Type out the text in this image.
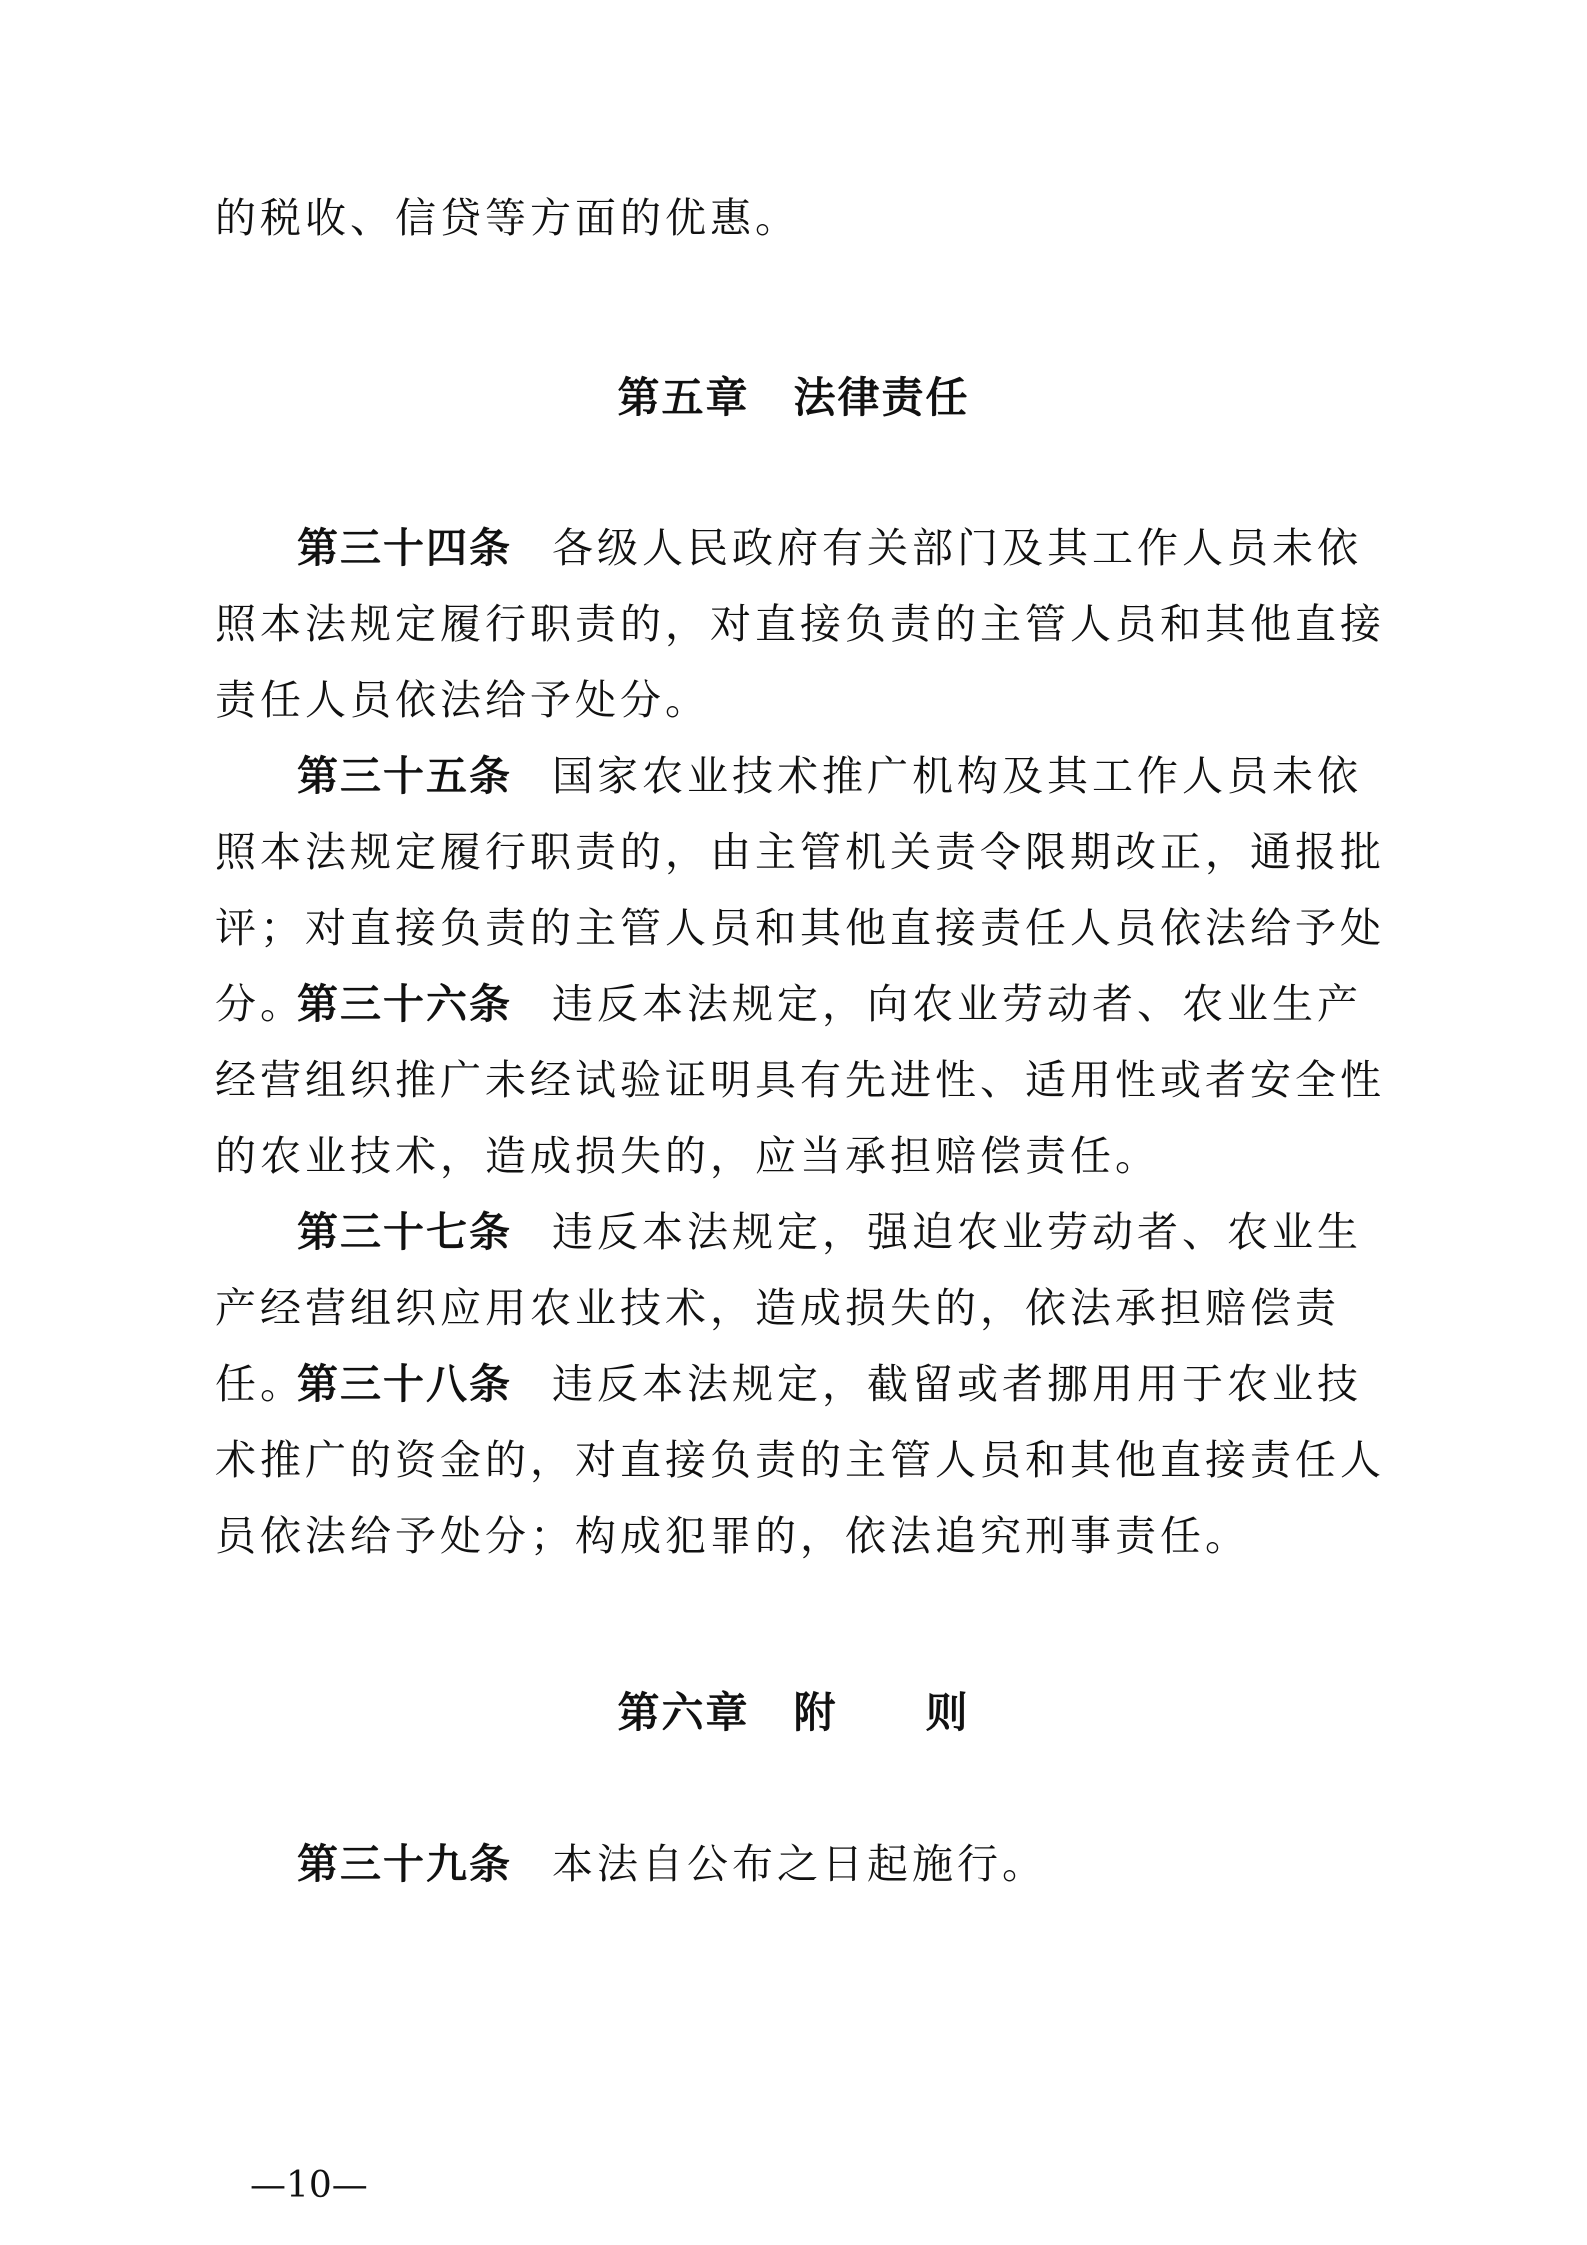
的税收、信贷等方面的优惠。
第五章　法律责任
第三十四条 各级人民政府有关部门及其工作人员未依照本法规定履行职责的，对直接负责的主管人员和其他直接责任人员依法给予处分。
第三十五条 国家农业技术推广机构及其工作人员未依照本法规定履行职责的，由主管机关责令限期改正，通报批评；对直接负责的主管人员和其他直接责任人员依法给予处分。
第三十六条 违反本法规定，向农业劳动者、农业生产经营组织推广未经试验证明具有先进性、适用性或者安全性的农业技术，造成损失的，应当承担赔偿责任。
第三十七条 违反本法规定，强迫农业劳动者、农业生产经营组织应用农业技术，造成损失的，依法承担赔偿责任。
第三十八条 违反本法规定，截留或者挪用用于农业技术推广的资金的，对直接负责的主管人员和其他直接责任人员依法给予处分；构成犯罪的，依法追究刑事责任。
第六章　附　　则
第三十九条 本法自公布之日起施行。
—10—
